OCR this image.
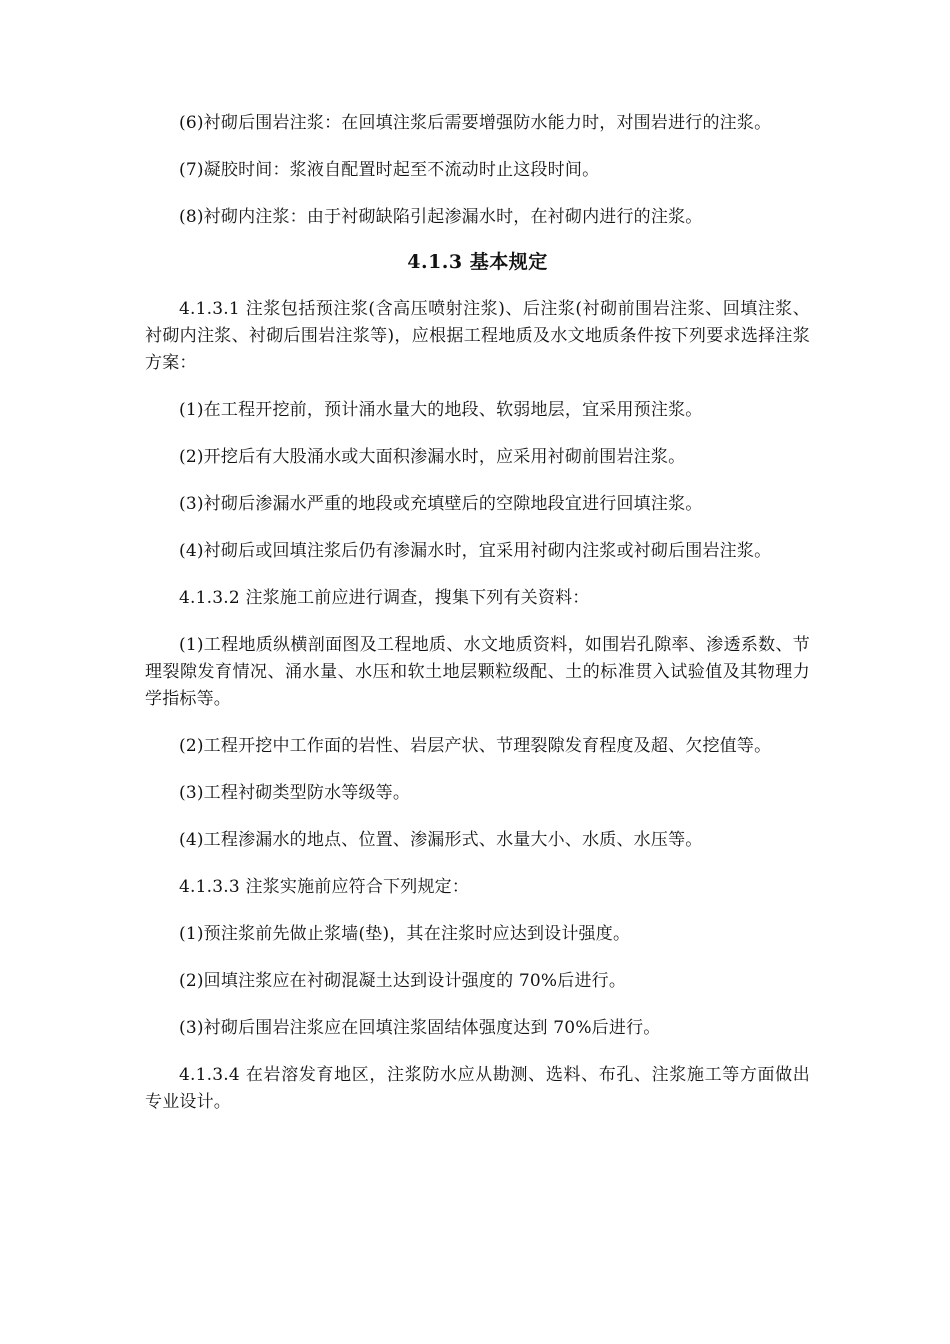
(6)衬砌后围岩注浆：在回填注浆后需要增强防水能力时，对围岩进行的注浆。

(7)凝胶时间：浆液自配置时起至不流动时止这段时间。

(8)衬砌内注浆：由于衬砌缺陷引起渗漏水时，在衬砌内进行的注浆。

4.1.3 基本规定

4.1.3.1 注浆包括预注浆(含高压喷射注浆)、后注浆(衬砌前围岩注浆、回填注浆、衬砌内注浆、衬砌后围岩注浆等)，应根据工程地质及水文地质条件按下列要求选择注浆方案：

(1)在工程开挖前，预计涌水量大的地段、软弱地层，宜采用预注浆。

(2)开挖后有大股涌水或大面积渗漏水时，应采用衬砌前围岩注浆。

(3)衬砌后渗漏水严重的地段或充填壁后的空隙地段宜进行回填注浆。

(4)衬砌后或回填注浆后仍有渗漏水时，宜采用衬砌内注浆或衬砌后围岩注浆。

4.1.3.2 注浆施工前应进行调查，搜集下列有关资料：

(1)工程地质纵横剖面图及工程地质、水文地质资料，如围岩孔隙率、渗透系数、节理裂隙发育情况、涌水量、水压和软土地层颗粒级配、土的标准贯入试验值及其物理力学指标等。

(2)工程开挖中工作面的岩性、岩层产状、节理裂隙发育程度及超、欠挖值等。

(3)工程衬砌类型防水等级等。

(4)工程渗漏水的地点、位置、渗漏形式、水量大小、水质、水压等。

4.1.3.3 注浆实施前应符合下列规定：

(1)预注浆前先做止浆墙(垫)，其在注浆时应达到设计强度。

(2)回填注浆应在衬砌混凝土达到设计强度的 70%后进行。

(3)衬砌后围岩注浆应在回填注浆固结体强度达到 70%后进行。

4.1.3.4 在岩溶发育地区，注浆防水应从勘测、选料、布孔、注浆施工等方面做出专业设计。
